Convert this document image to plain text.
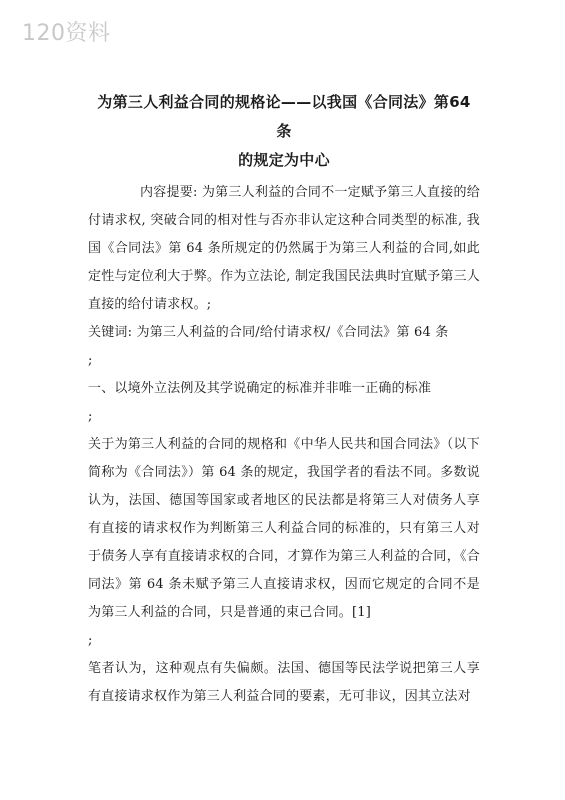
120资料

为第三人利益合同的规格论——以我国《合同法》第64 条

的规定为中心

内容提要: 为第三人利益的合同不一定赋予第三人直接的给付请求权, 突破合同的相对性与否亦非认定这种合同类型的标准, 我国《合同法》第 64 条所规定的仍然属于为第三人利益的合同,如此定性与定位利大于弊。作为立法论, 制定我国民法典时宜赋予第三人直接的给付请求权。;

关键词: 为第三人利益的合同/给付请求权/《合同法》第 64 条

;

一、以境外立法例及其学说确定的标准并非唯一正确的标准

;

关于为第三人利益的合同的规格和《中华人民共和国合同法》（以下简称为《合同法》）第 64 条的规定，我国学者的看法不同。多数说认为，法国、德国等国家或者地区的民法都是将第三人对债务人享有直接的请求权作为判断第三人利益合同的标准的，只有第三人对于债务人享有直接请求权的合同，才算作为第三人利益的合同，《合同法》第 64 条未赋予第三人直接请求权，因而它规定的合同不是为第三人利益的合同，只是普通的束己合同。[1]

;

笔者认为，这种观点有失偏颇。法国、德国等民法学说把第三人享有直接请求权作为第三人利益合同的要素，无可非议，因其立法对
